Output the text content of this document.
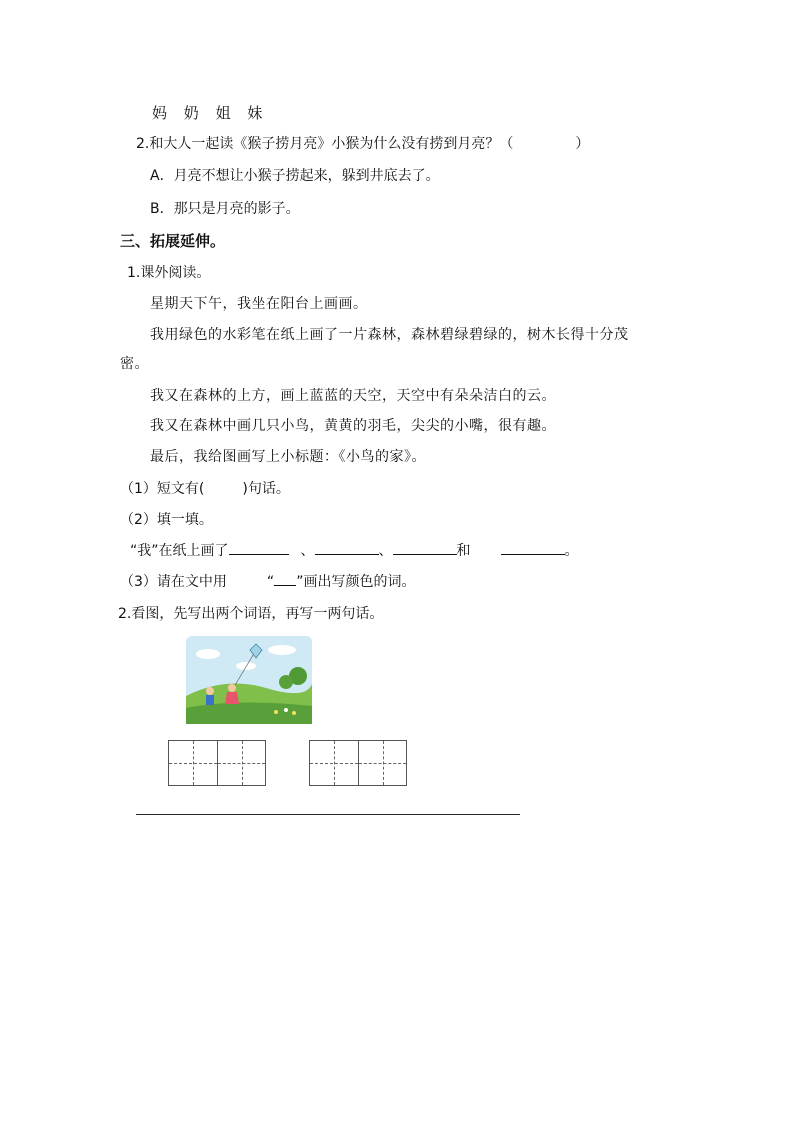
妈 奶 姐 妹
2.和大人一起读《猴子捞月亮》小猴为什么没有捞到月亮？（	）
A．月亮不想让小猴子捞起来，躲到井底去了。
B．那只是月亮的影子。
三、拓展延伸。
1.课外阅读。
星期天下午，我坐在阳台上画画。
我用绿色的水彩笔在纸上画了一片森林，森林碧绿碧绿的，树木长得十分茂
密。
我又在森林的上方，画上蓝蓝的天空，天空中有朵朵洁白的云。
我又在森林中画几只小鸟，黄黄的羽毛，尖尖的小嘴，很有趣。
最后，我给图画写上小标题：《小鸟的家》。
（1）短文有(	)句话。
（2）填一填。
“我”在纸上画了	、	、	和	。
（3）请在文中用	“ ”画出写颜色的词。
2.看图，先写出两个词语，再写一两句话。
